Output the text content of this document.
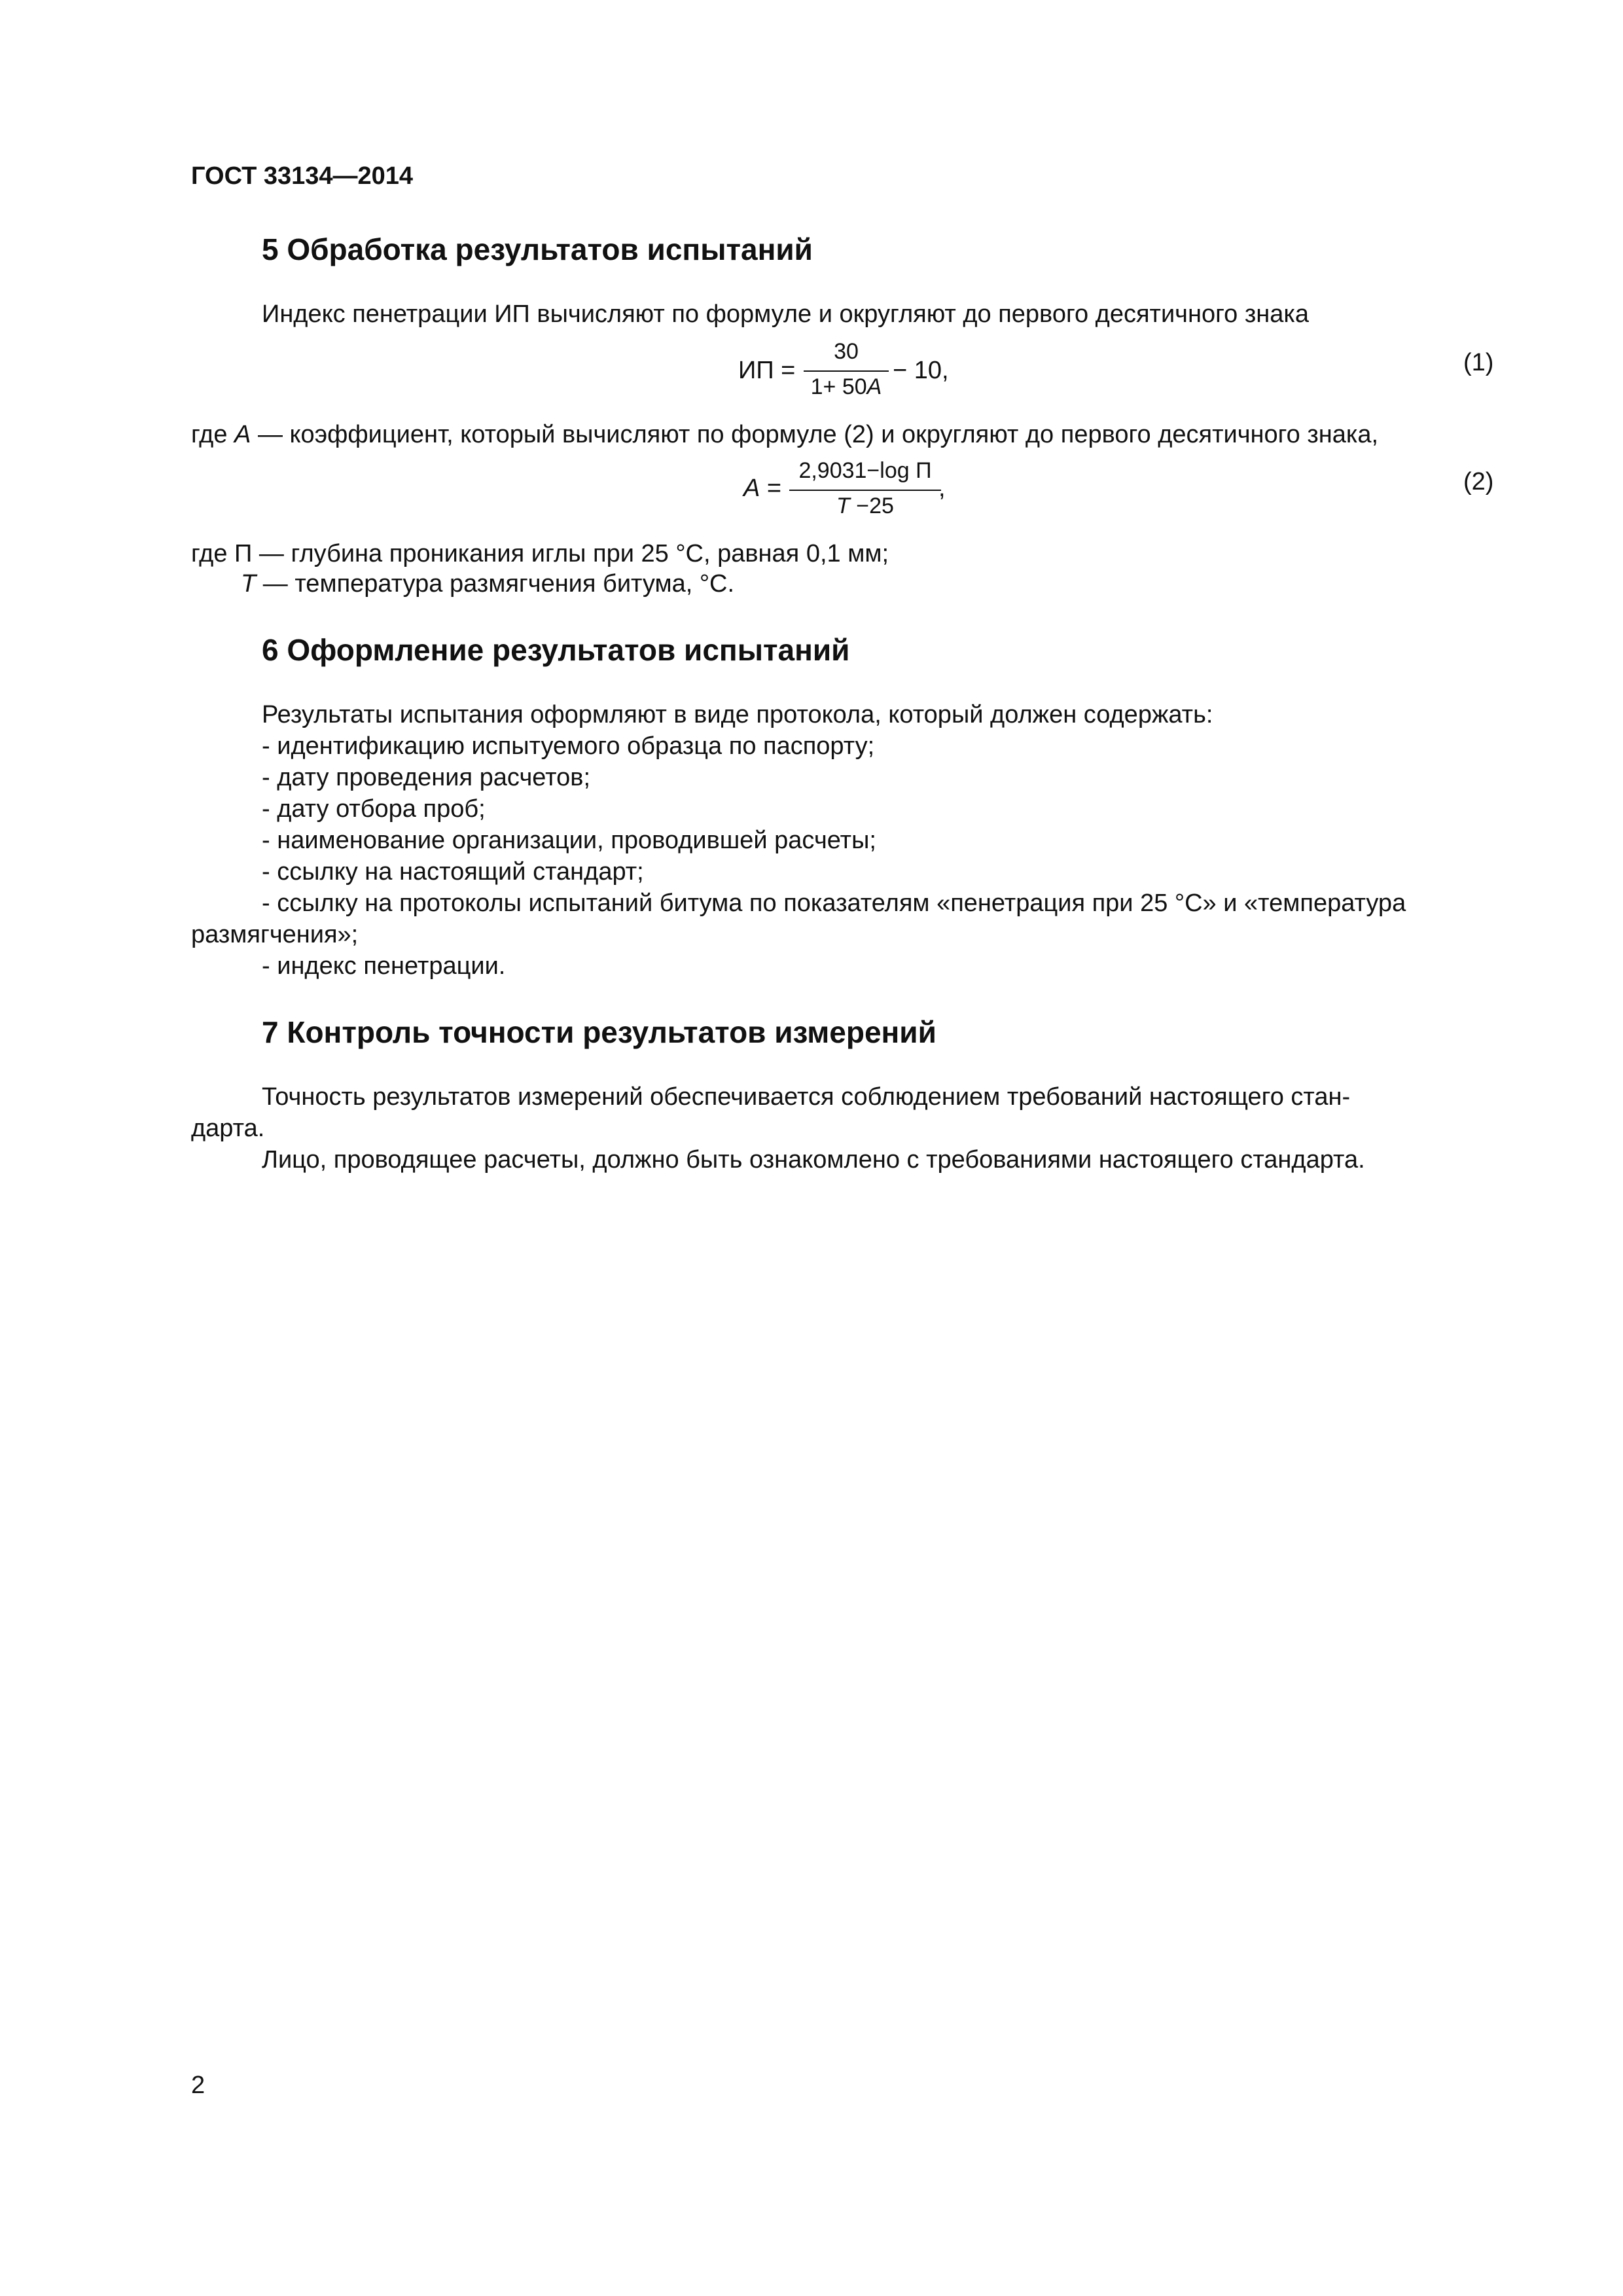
ГОСТ 33134—2014
5 Обработка результатов испытаний
Индекс пенетрации ИП вычисляют по формуле и округляют до первого десятичного знака
ИП =
30
1+ 50A
− 10,	(1)
где A — коэффициент, который вычисляют по формуле (2) и округляют до первого десятичного знака,
A =
2,9031−log П
T −25
,	(2)
где П — глубина проникания иглы при 25 °С, равная 0,1 мм;
T — температура размягчения битума, °С.
6 Оформление результатов испытаний
Результаты испытания оформляют в виде протокола, который должен содержать:
- идентификацию испытуемого образца по паспорту;
- дату проведения расчетов;
- дату отбора проб;
- наименование организации, проводившей расчеты;
- ссылку на настоящий стандарт;
- ссылку на протоколы испытаний битума по показателям «пенетрация при 25 °С» и «температура
размягчения»;
- индекс пенетрации.
7 Контроль точности результатов измерений
Точность результатов измерений обеспечивается соблюдением требований настоящего стан-
дарта.
Лицо, проводящее расчеты, должно быть ознакомлено с требованиями настоящего стандарта.
2
